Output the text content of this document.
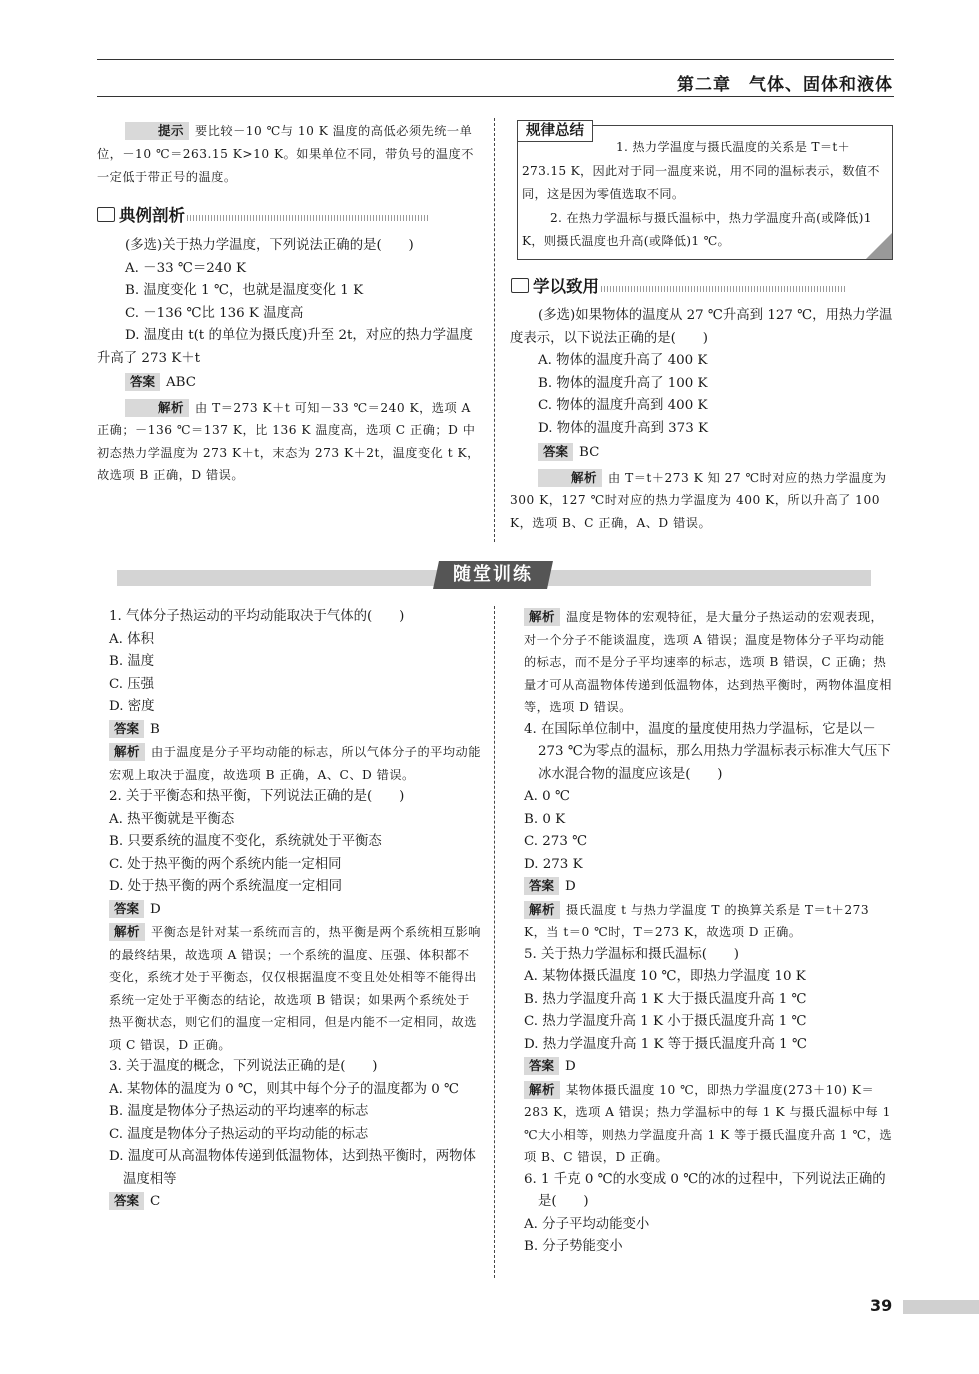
第二章　气体、固体和液体

提示 要比较－10 ℃与 10 K 温度的高低必须先统一单位，－10 ℃＝263.15 K>10 K。如果单位不同，带负号的温度不一定低于带正号的温度。

典例剖析

(多选)关于热力学温度，下列说法正确的是(　　)

A. －33 ℃＝240 K

B. 温度变化 1 ℃，也就是温度变化 1 K

C. －136 ℃比 136 K 温度高

D. 温度由 t(t 的单位为摄氏度)升至 2t，对应的热力学温度升高了 273 K＋t

答案 ABC

解析 由 T＝273 K＋t 可知－33 ℃＝240 K，选项 A 正确；－136 ℃＝137 K，比 136 K 温度高，选项 C 正确；D 中初态热力学温度为 273 K＋t，末态为 273 K＋2t，温度变化 t K，故选项 B 正确，D 错误。

规律总结

1. 热力学温度与摄氏温度的关系是 T＝t＋273.15 K，因此对于同一温度来说，用不同的温标表示，数值不同，这是因为零值选取不同。

2. 在热力学温标与摄氏温标中，热力学温度升高(或降低)1 K，则摄氏温度也升高(或降低)1 ℃。

学以致用

(多选)如果物体的温度从 27 ℃升高到 127 ℃，用热力学温度表示，以下说法正确的是(　　)

A. 物体的温度升高了 400 K

B. 物体的温度升高了 100 K

C. 物体的温度升高到 400 K

D. 物体的温度升高到 373 K

答案 BC

解析 由 T＝t＋273 K 知 27 ℃时对应的热力学温度为 300 K，127 ℃时对应的热力学温度为 400 K，所以升高了 100 K，选项 B、C 正确，A、D 错误。

随堂训练

1. 气体分子热运动的平均动能取决于气体的(　　)

A. 体积

B. 温度

C. 压强

D. 密度

答案 B

解析 由于温度是分子平均动能的标志，所以气体分子的平均动能宏观上取决于温度，故选项 B 正确，A、C、D 错误。

2. 关于平衡态和热平衡，下列说法正确的是(　　)

A. 热平衡就是平衡态

B. 只要系统的温度不变化，系统就处于平衡态

C. 处于热平衡的两个系统内能一定相同

D. 处于热平衡的两个系统温度一定相同

答案 D

解析 平衡态是针对某一系统而言的，热平衡是两个系统相互影响的最终结果，故选项 A 错误；一个系统的温度、压强、体积都不变化，系统才处于平衡态，仅仅根据温度不变且处处相等不能得出系统一定处于平衡态的结论，故选项 B 错误；如果两个系统处于热平衡状态，则它们的温度一定相同，但是内能不一定相同，故选项 C 错误，D 正确。

3. 关于温度的概念，下列说法正确的是(　　)

A. 某物体的温度为 0 ℃，则其中每个分子的温度都为 0 ℃

B. 温度是物体分子热运动的平均速率的标志

C. 温度是物体分子热运动的平均动能的标志

D. 温度可从高温物体传递到低温物体，达到热平衡时，两物体温度相等

答案 C

解析 温度是物体的宏观特征，是大量分子热运动的宏观表现，对一个分子不能谈温度，选项 A 错误；温度是物体分子平均动能的标志，而不是分子平均速率的标志，选项 B 错误，C 正确；热量才可从高温物体传递到低温物体，达到热平衡时，两物体温度相等，选项 D 错误。

4. 在国际单位制中，温度的量度使用热力学温标，它是以－273 ℃为零点的温标，那么用热力学温标表示标准大气压下冰水混合物的温度应该是(　　)

A. 0 ℃

B. 0 K

C. 273 ℃

D. 273 K

答案 D

解析 摄氏温度 t 与热力学温度 T 的换算关系是 T＝t＋273 K，当 t＝0 ℃时，T＝273 K，故选项 D 正确。

5. 关于热力学温标和摄氏温标(　　)

A. 某物体摄氏温度 10 ℃，即热力学温度 10 K

B. 热力学温度升高 1 K 大于摄氏温度升高 1 ℃

C. 热力学温度升高 1 K 小于摄氏温度升高 1 ℃

D. 热力学温度升高 1 K 等于摄氏温度升高 1 ℃

答案 D

解析 某物体摄氏温度 10 ℃，即热力学温度(273＋10) K＝283 K，选项 A 错误；热力学温标中的每 1 K 与摄氏温标中每 1 ℃大小相等，则热力学温度升高 1 K 等于摄氏温度升高 1 ℃，选项 B、C 错误，D 正确。

6. 1 千克 0 ℃的水变成 0 ℃的冰的过程中，下列说法正确的是(　　)

A. 分子平均动能变小

B. 分子势能变小

39
